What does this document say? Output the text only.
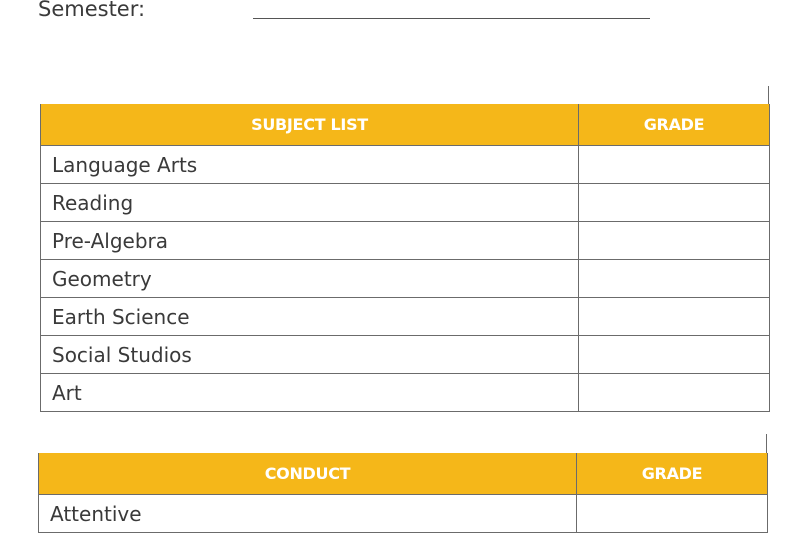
Semester:
SUBJECT LIST	GRADE
Language Arts	
Reading	
Pre-Algebra	
Geometry	
Earth Science	
Social Studios	
Art	
CONDUCT	GRADE
Attentive	
